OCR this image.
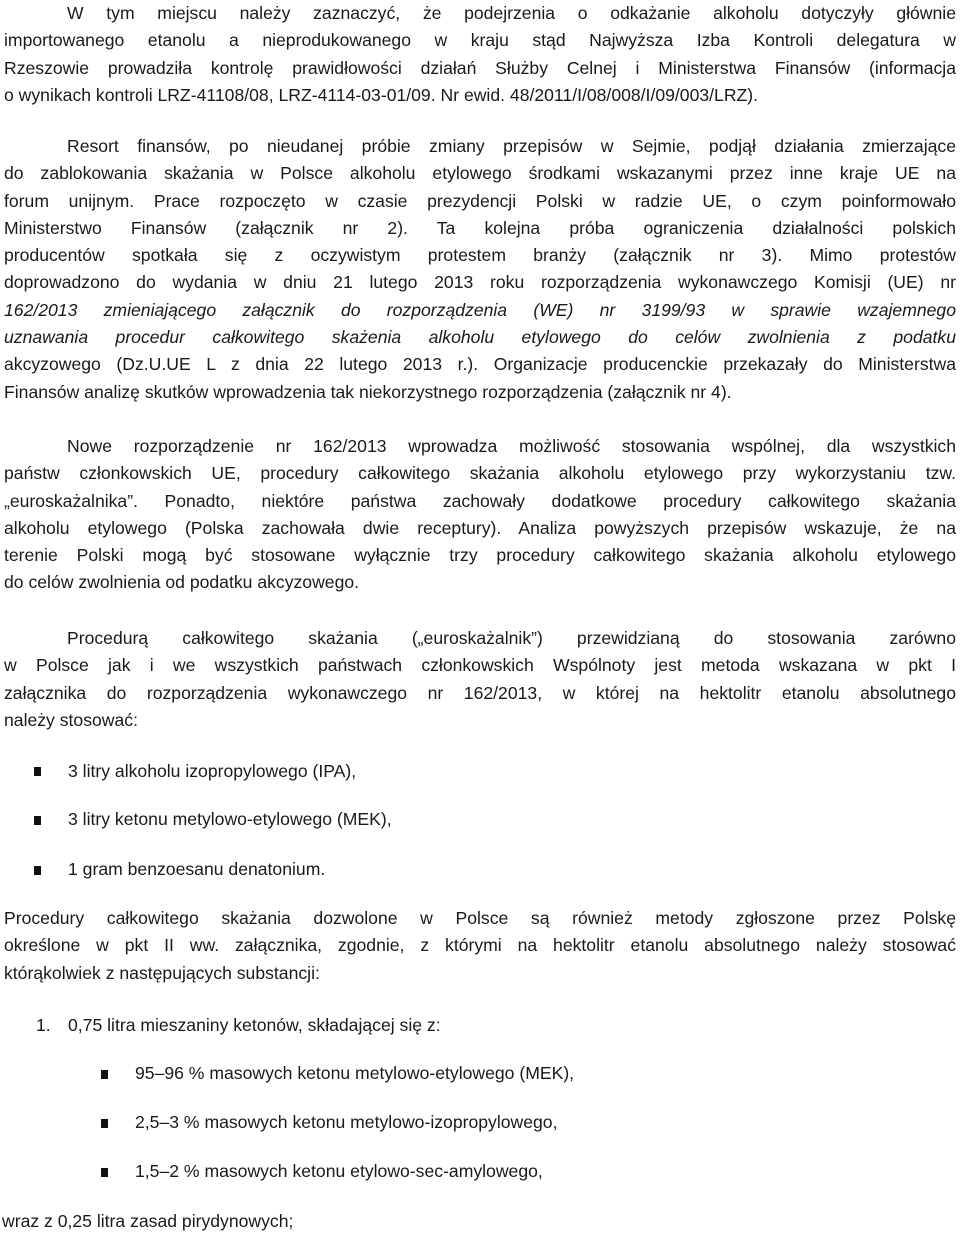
W tym miejscu należy zaznaczyć, że podejrzenia o odkażanie alkoholu dotyczyły głównie
importowanego etanolu a nieprodukowanego w kraju stąd Najwyższa Izba Kontroli delegatura w
Rzeszowie prowadziła kontrolę prawidłowości działań Służby Celnej i Ministerstwa Finansów (informacja
o wynikach kontroli LRZ-41108/08, LRZ-4114-03-01/09. Nr ewid. 48/2011/I/08/008/I/09/003/LRZ).
Resort finansów, po nieudanej próbie zmiany przepisów w Sejmie, podjął działania zmierzające
do zablokowania skażania w Polsce alkoholu etylowego środkami wskazanymi przez inne kraje UE na
forum unijnym. Prace rozpoczęto w czasie prezydencji Polski w radzie UE, o czym poinformowało
Ministerstwo Finansów (załącznik nr 2). Ta kolejna próba ograniczenia działalności polskich
producentów spotkała się z oczywistym protestem branży (załącznik nr 3). Mimo protestów
doprowadzono do wydania w dniu 21 lutego 2013 roku rozporządzenia wykonawczego Komisji (UE) nr
162/2013 zmieniającego załącznik do rozporządzenia (WE) nr 3199/93 w sprawie wzajemnego
uznawania procedur całkowitego skażenia alkoholu etylowego do celów zwolnienia z podatku
akcyzowego (Dz.U.UE L z dnia 22 lutego 2013 r.). Organizacje producenckie przekazały do Ministerstwa
Finansów analizę skutków wprowadzenia tak niekorzystnego rozporządzenia (załącznik nr 4).
Nowe rozporządzenie nr 162/2013 wprowadza możliwość stosowania wspólnej, dla wszystkich
państw członkowskich UE, procedury całkowitego skażania alkoholu etylowego przy wykorzystaniu tzw.
„euroskażalnika”. Ponadto, niektóre państwa zachowały dodatkowe procedury całkowitego skażania
alkoholu etylowego (Polska zachowała dwie receptury). Analiza powyższych przepisów wskazuje, że na
terenie Polski mogą być stosowane wyłącznie trzy procedury całkowitego skażania alkoholu etylowego
do celów zwolnienia od podatku akcyzowego.
Procedurą całkowitego skażania („euroskażalnik”) przewidzianą do stosowania zarówno
w Polsce jak i we wszystkich państwach członkowskich Wspólnoty jest metoda wskazana w pkt I
załącznika do rozporządzenia wykonawczego nr 162/2013, w której na hektolitr etanolu absolutnego
należy stosować:
3 litry alkoholu izopropylowego (IPA),
3 litry ketonu metylowo-etylowego (MEK),
1 gram benzoesanu denatonium.
Procedury całkowitego skażania dozwolone w Polsce są również metody zgłoszone przez Polskę
określone w pkt II ww. załącznika, zgodnie, z którymi na hektolitr etanolu absolutnego należy stosować
którąkolwiek z następujących substancji:
1. 0,75 litra mieszaniny ketonów, składającej się z:
95–96 % masowych ketonu metylowo-etylowego (MEK),
2,5–3 % masowych ketonu metylowo-izopropylowego,
1,5–2 % masowych ketonu etylowo-sec-amylowego,
wraz z 0,25 litra zasad pirydynowych;
